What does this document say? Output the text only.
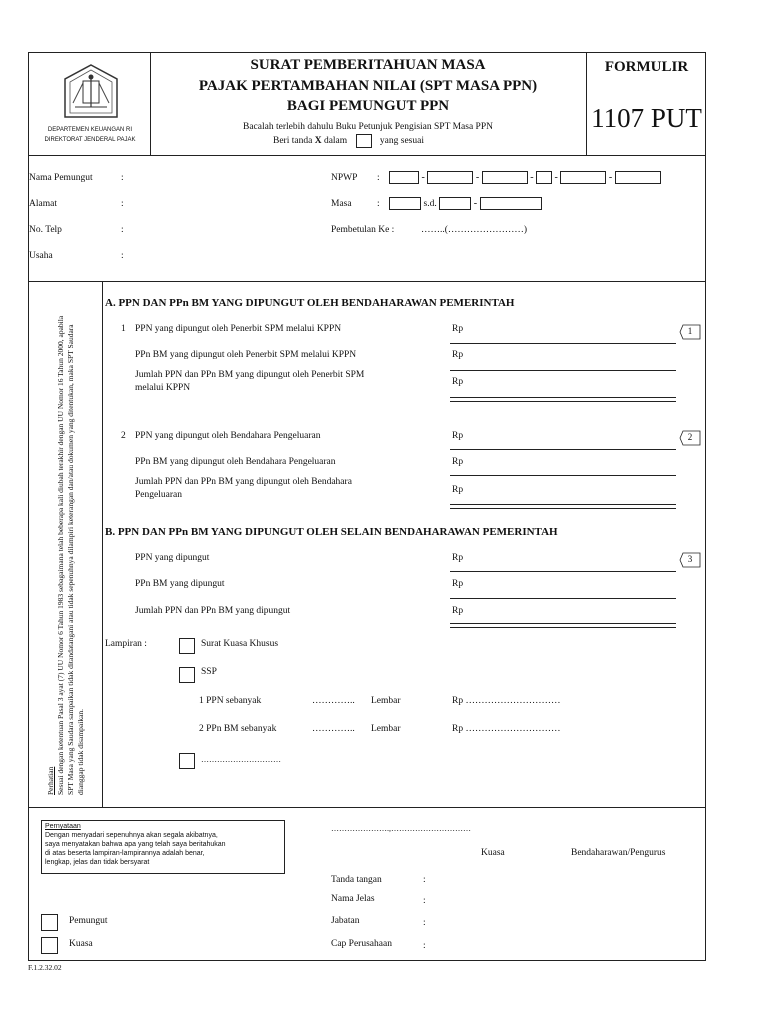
DEPARTEMEN KEUANGAN RI
DIREKTORAT JENDERAL PAJAK
SURAT PEMBERITAHUAN MASA
PAJAK PERTAMBAHAN NILAI (SPT MASA PPN)
BAGI PEMUNGUT PPN
Bacalah terlebih dahulu Buku Petunjuk Pengisian SPT Masa PPN
Beri tanda X dalam	yang sesuai
FORMULIR
1107 PUT
Nama Pemungut	:
Alamat	:
No. Telp	:
Usaha	:
NPWP :	-	-	- -	-
Masa	:	s.d.	-
Pembetulan Ke :	……..(……………………)
Perhatian Sesuai dengan ketentuan Pasal 3 ayat (7) UU Nomor 6 Tahun 1983 sebagaimana telah beberapa kali diubah terakhir dengan UU Nomor 16 Tahun 2000, apabila SPT Masa yang Saudara sampaikan tidak ditandatangani atau tidak sepenuhnya dilampiri keterangan dan/atau dokumen yang ditentukan, maka SPT Saudara dianggap tidak disampaikan.
A. PPN DAN PPn BM YANG DIPUNGUT OLEH BENDAHARAWAN PEMERINTAH
1 PPN yang dipungut oleh Penerbit SPM melalui KPPN	Rp	1
PPn BM yang dipungut oleh Penerbit SPM melalui KPPN	Rp
Jumlah PPN dan PPn BM yang dipungut oleh Penerbit SPM
melalui KPPN
Rp
2 PPN yang dipungut oleh Bendahara Pengeluaran	Rp	2
PPn BM yang dipungut oleh Bendahara Pengeluaran	Rp
Jumlah PPN dan PPn BM yang dipungut oleh Bendahara
Pengeluaran	Rp
B. PPN DAN PPn BM YANG DIPUNGUT OLEH SELAIN BENDAHARAWAN PEMERINTAH
PPN yang dipungut	Rp	3
PPn BM yang dipungut	Rp
Jumlah PPN dan PPn BM yang dipungut	Rp
Lampiran :	Surat Kuasa Khusus
SSP
1 PPN sebanyak	………….. Lembar	Rp …………………………
2 PPn BM sebanyak	………….. Lembar	Rp …………………………
…………………………
Pernyataan
Dengan menyadari sepenuhnya akan segala akibatnya,
saya menyatakan bahwa apa yang telah saya beritahukan
di atas beserta lampiran-lampirannya adalah benar,
lengkap, jelas dan tidak bersyarat
………………….,…………………………
Kuasa	Bendaharawan/Pengurus
Tanda tangan	:
Nama Jelas	:
Jabatan	:
Cap Perusahaan	:
Pemungut
Kuasa
F.1.2.32.02
